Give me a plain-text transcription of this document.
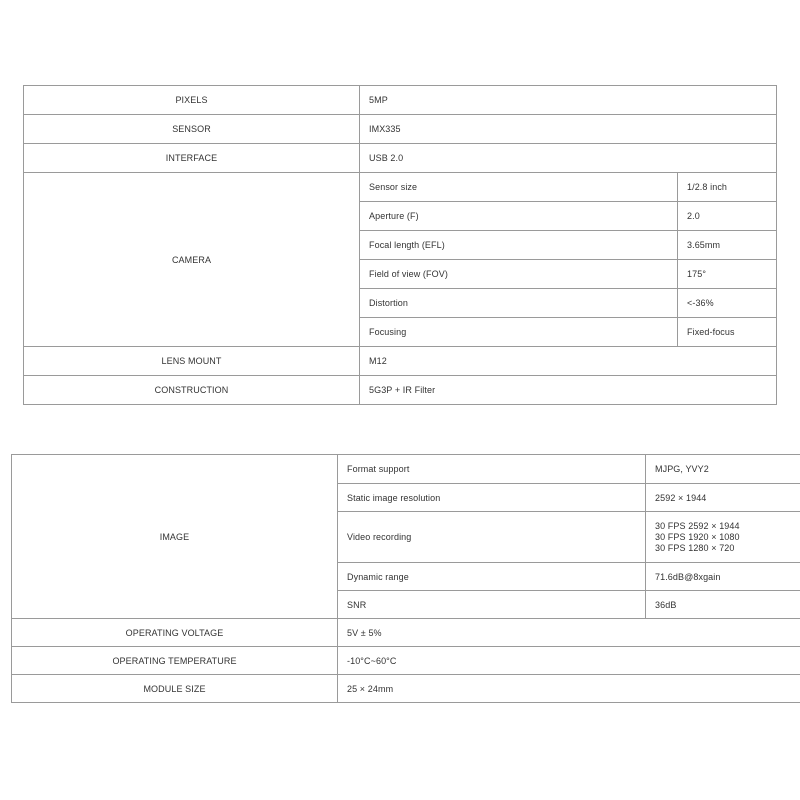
PIXELS	5MP	
SENSOR	IMX335	
INTERFACE	USB 2.0	
CAMERA	Sensor size	1/2.8 inch
	Aperture (F)	2.0
	Focal length (EFL)	3.65mm
	Field of view (FOV)	175°
	Distortion	<-36%
	Focusing	Fixed-focus
LENS MOUNT	M12	
CONSTRUCTION	5G3P + IR Filter	
IMAGE	Format support	MJPG, YVY2
	Static image resolution	2592 × 1944
	Video recording	30 FPS 2592 × 1944
30 FPS 1920 × 1080
30 FPS 1280 × 720

	Dynamic range	71.6dB@8xgain
	SNR	36dB
OPERATING VOLTAGE	5V ± 5%	
OPERATING TEMPERATURE	-10°C~60°C	
MODULE SIZE	25 × 24mm	
